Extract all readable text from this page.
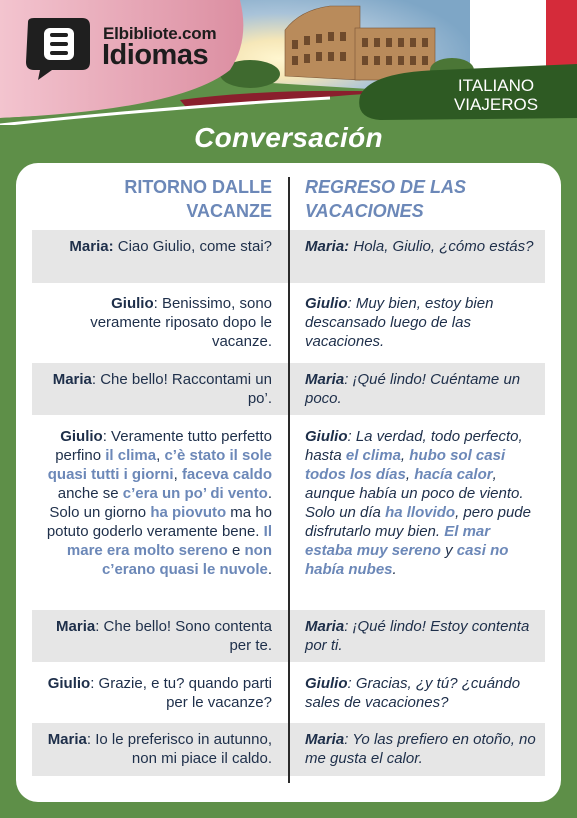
Elbibliote.com
Idiomas
ITALIANO
VIAJEROS
Conversación
Maria: Ciao Giulio, come stai? Maria: Hola, Giulio, ¿cómo estás?
Giulio: Benissimo, sono veramente riposato dopo le vacanze.
Giulio: Muy bien, estoy bien descansado luego de las vacaciones.
Maria: Che bello! Raccontami un po’.
Maria: ¡Qué lindo! Cuéntame un poco.
Giulio: Veramente tutto perfetto perfino il clima, c’è stato il sole quasi tutti i giorni, faceva caldo anche se c’era un po’ di vento. Solo un giorno ha piovuto ma ho potuto goderlo veramente bene. Il mare era molto sereno e non c’erano quasi le nuvole.
Giulio: La verdad, todo perfecto, hasta el clima, hubo sol casi todos los días, hacía calor, aunque había un poco de viento. Solo un día ha llovido, pero pude disfrutarlo muy bien. El mar estaba muy sereno y casi no había nubes.
Maria: Che bello! Sono contenta per te.
Maria: ¡Qué lindo! Estoy contenta por ti.
Giulio: Grazie, e tu? quando parti per le vacanze?
Giulio: Gracias, ¿y tú? ¿cuándo sales de vacaciones?
Maria: Io le preferisco in autunno, non mi piace il caldo.
Maria: Yo las prefiero en otoño, no me gusta el calor.
RITORNO DALLE VACANZE
REGRESO DE LAS VACACIONES
